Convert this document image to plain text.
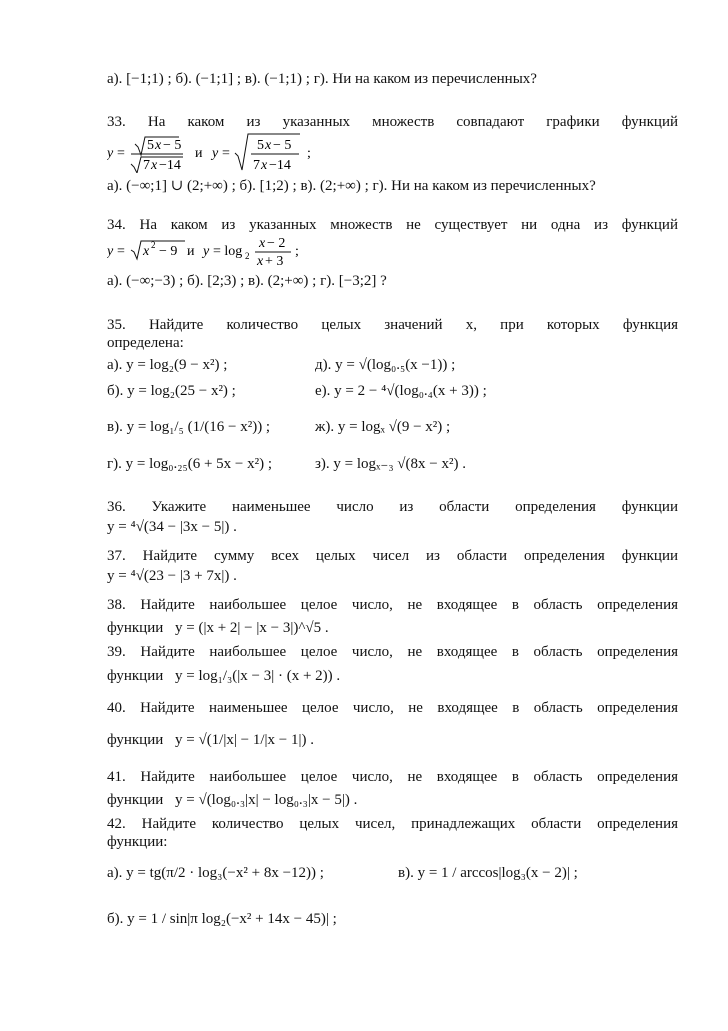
а). [−1;1) ; б). (−1;1] ; в). (−1;1) ; г). Ни на каком из перечисленных?
33. На каком из указанных множеств совпадают графики функций
y =
5 x − 5
7 x −14
и y =
5 x − 5
7 x −14
;
а). (−∞;1] ∪ (2;+∞) ; б). [1;2) ; в). (2;+∞) ; г). Ни на каком из перечисленных?
34. На каком из указанных множеств не существует ни одна из функций
y = x 2 − 9 и y = log 2
x − 2
x + 3
;
а). (−∞;−3) ; б). [2;3) ; в). (2;+∞) ; г). [−3;2] ?
35. Найдите количество целых значений x, при которых функция
определена:
а). y = log₂(9 − x²) ;	д). y = √(log₀.₅(x −1)) ;
б). y = log₂(25 − x²) ;	е). y = 2 − ⁴√(log₀.₄(x + 3)) ;
в). y = log₁/₅ (1/(16 − x²)) ;	ж). y = logₓ √(9 − x²) ;
г). y = log₀.₂₅(6 + 5x − x²) ;	з). y = logₓ₋₃ √(8x − x²) .
36. Укажите наименьшее число из области определения функции
y = ⁴√(34 − |3x − 5|) .
37. Найдите сумму всех целых чисел из области определения функции
y = ⁴√(23 − |3 + 7x|) .
38. Найдите наибольшее целое число, не входящее в область определения
функции y = (|x + 2| − |x − 3|)^√5 .
39. Найдите наибольшее целое число, не входящее в область определения
функции y = log₁/₃(|x − 3| · (x + 2)) .
40. Найдите наименьшее целое число, не входящее в область определения
функции y = √(1/|x| − 1/|x − 1|) .
41. Найдите наибольшее целое число, не входящее в область определения
функции y = √(log₀.₃|x| − log₀.₃|x − 5|) .
42. Найдите количество целых чисел, принадлежащих области определения
функции:
а). y = tg(π/2 · log₃(−x² + 8x −12)) ;	в). y = 1 / arccos|log₃(x − 2)| ;
б). y = 1 / sin|π log₂(−x² + 14x − 45)| ;
